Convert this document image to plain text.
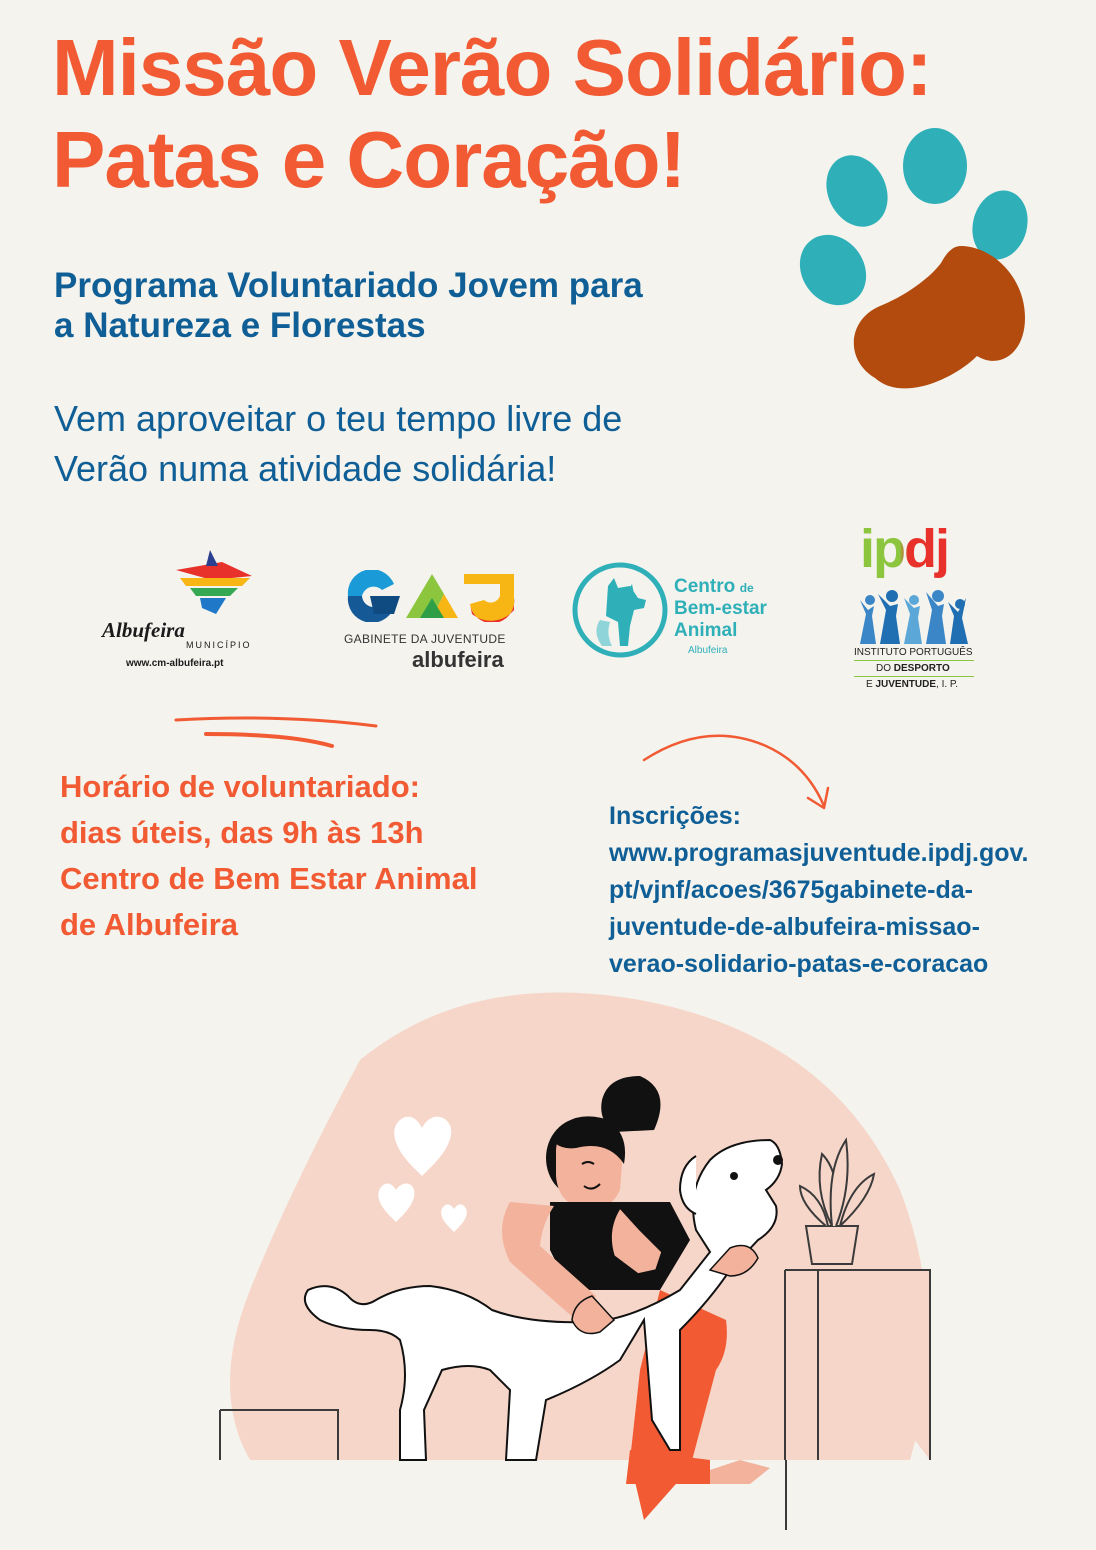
Missão Verão Solidário:
Patas e Coração!
Programa Voluntariado Jovem para
a Natureza e Florestas

Vem aproveitar o teu tempo livre de
Verão numa atividade solidária!

Albufeira
MUNICÍPIO
www.cm-albufeira.pt
GABINETE DA JUVENTUDE
albufeira
Centro de
Bem-estar
Animal
Albufeira
ipdj
INSTITUTO PORTUGUÊS
DO DESPORTO
E JUVENTUDE, I. P.
Horário de voluntariado:
dias úteis, das 9h às 13h
Centro de Bem Estar Animal
de Albufeira
Inscrições:
www.programasjuventude.ipdj.gov.
pt/vjnf/acoes/3675gabinete-da-
juventude-de-albufeira-missao-
verao-solidario-patas-e-coracao
